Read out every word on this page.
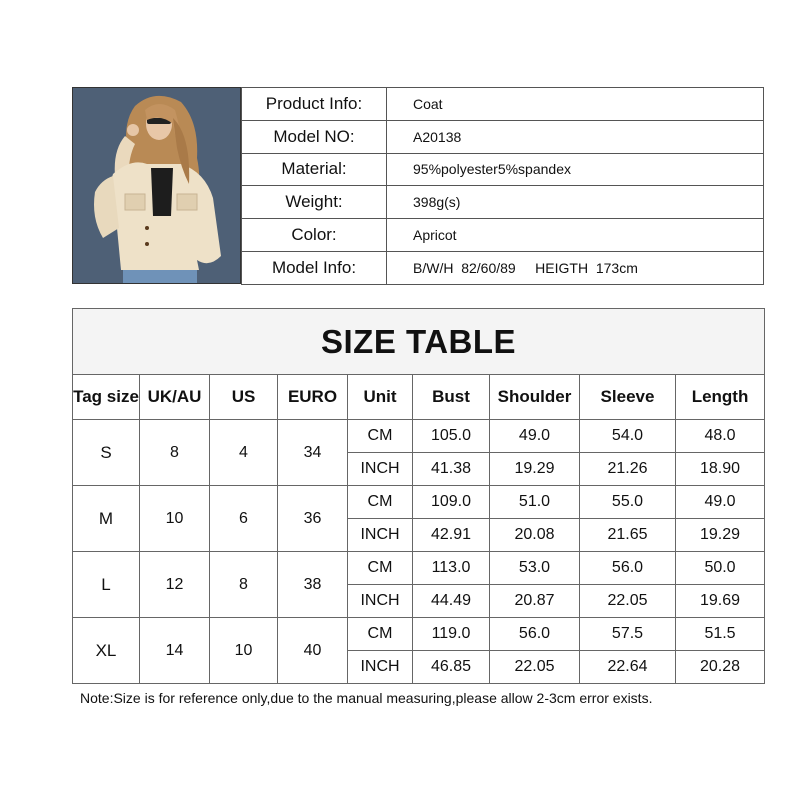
Product Info:	Coat
Model NO:	A20138
Material:	95%polyester5%spandex
Weight:	398g(s)
Color:	Apricot
Model Info:	B/W/H  82/60/89     HEIGTH  173cm
SIZE TABLE								
Tag size	UK/AU	US	EURO	Unit	Bust	Shoulder	Sleeve	Length
S	8	4	34	CM	105.0	49.0	54.0	48.0
				INCH	41.38	19.29	21.26	18.90
M	10	6	36	CM	109.0	51.0	55.0	49.0
				INCH	42.91	20.08	21.65	19.29
L	12	8	38	CM	113.0	53.0	56.0	50.0
				INCH	44.49	20.87	22.05	19.69
XL	14	10	40	CM	119.0	56.0	57.5	51.5
				INCH	46.85	22.05	22.64	20.28
Note:Size is for reference only,due to the manual measuring,please allow 2-3cm error exists.
